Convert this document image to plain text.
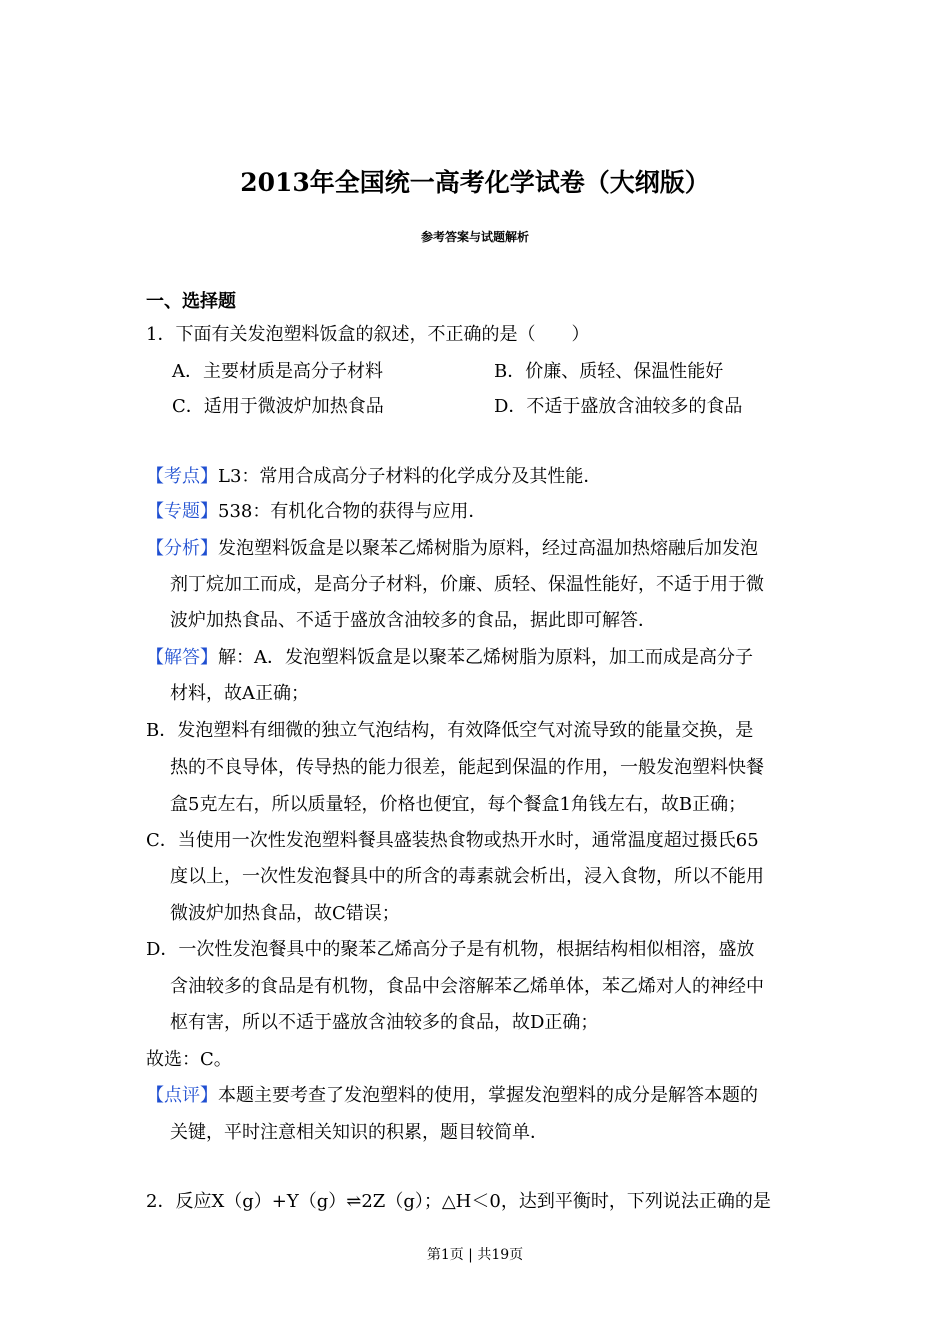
2013年全国统一高考化学试卷（大纲版）
参考答案与试题解析
一、选择题
1．下面有关发泡塑料饭盒的叙述，不正确的是（　　）
A．主要材质是高分子材料	B．价廉、质轻、保温性能好
C．适用于微波炉加热食品	D．不适于盛放含油较多的食品
【考点】L3：常用合成高分子材料的化学成分及其性能．
【专题】538：有机化合物的获得与应用．
【分析】发泡塑料饭盒是以聚苯乙烯树脂为原料，经过高温加热熔融后加发泡
剂丁烷加工而成，是高分子材料，价廉、质轻、保温性能好，不适于用于微
波炉加热食品、不适于盛放含油较多的食品，据此即可解答．
【解答】解：A．发泡塑料饭盒是以聚苯乙烯树脂为原料，加工而成是高分子
材料，故A正确；
B．发泡塑料有细微的独立气泡结构，有效降低空气对流导致的能量交换，是
热的不良导体，传导热的能力很差，能起到保温的作用，一般发泡塑料快餐
盒5克左右，所以质量轻，价格也便宜，每个餐盒1角钱左右，故B正确；
C．当使用一次性发泡塑料餐具盛装热食物或热开水时，通常温度超过摄氏65
度以上，一次性发泡餐具中的所含的毒素就会析出，浸入食物，所以不能用
微波炉加热食品，故C错误；
D．一次性发泡餐具中的聚苯乙烯高分子是有机物，根据结构相似相溶，盛放
含油较多的食品是有机物，食品中会溶解苯乙烯单体，苯乙烯对人的神经中
枢有害，所以不适于盛放含油较多的食品，故D正确；
故选：C。
【点评】本题主要考查了发泡塑料的使用，掌握发泡塑料的成分是解答本题的
关键，平时注意相关知识的积累，题目较简单．
2．反应X（g）+Y（g）⇌2Z（g）；△H＜0，达到平衡时，下列说法正确的是
第1页 | 共19页
